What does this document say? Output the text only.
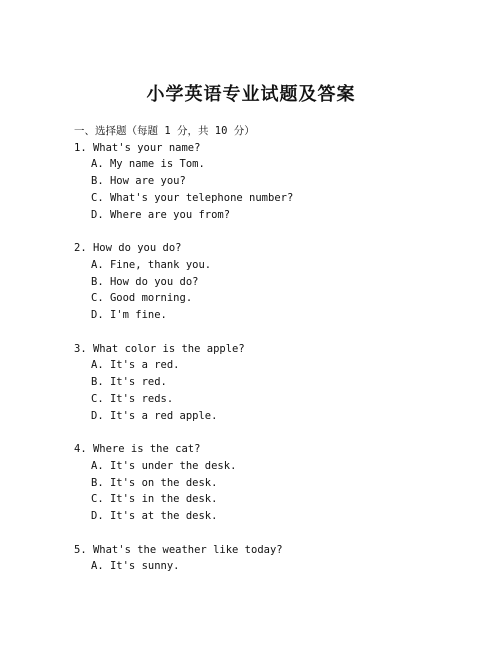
小学英语专业试题及答案
一、选择题（每题 1 分，共 10 分）
1. What's your name?
A. My name is Tom.
B. How are you?
C. What's your telephone number?
D. Where are you from?
2. How do you do?
A. Fine, thank you.
B. How do you do?
C. Good morning.
D. I'm fine.
3. What color is the apple?
A. It's a red.
B. It's red.
C. It's reds.
D. It's a red apple.
4. Where is the cat?
A. It's under the desk.
B. It's on the desk.
C. It's in the desk.
D. It's at the desk.
5. What's the weather like today?
A. It's sunny.
